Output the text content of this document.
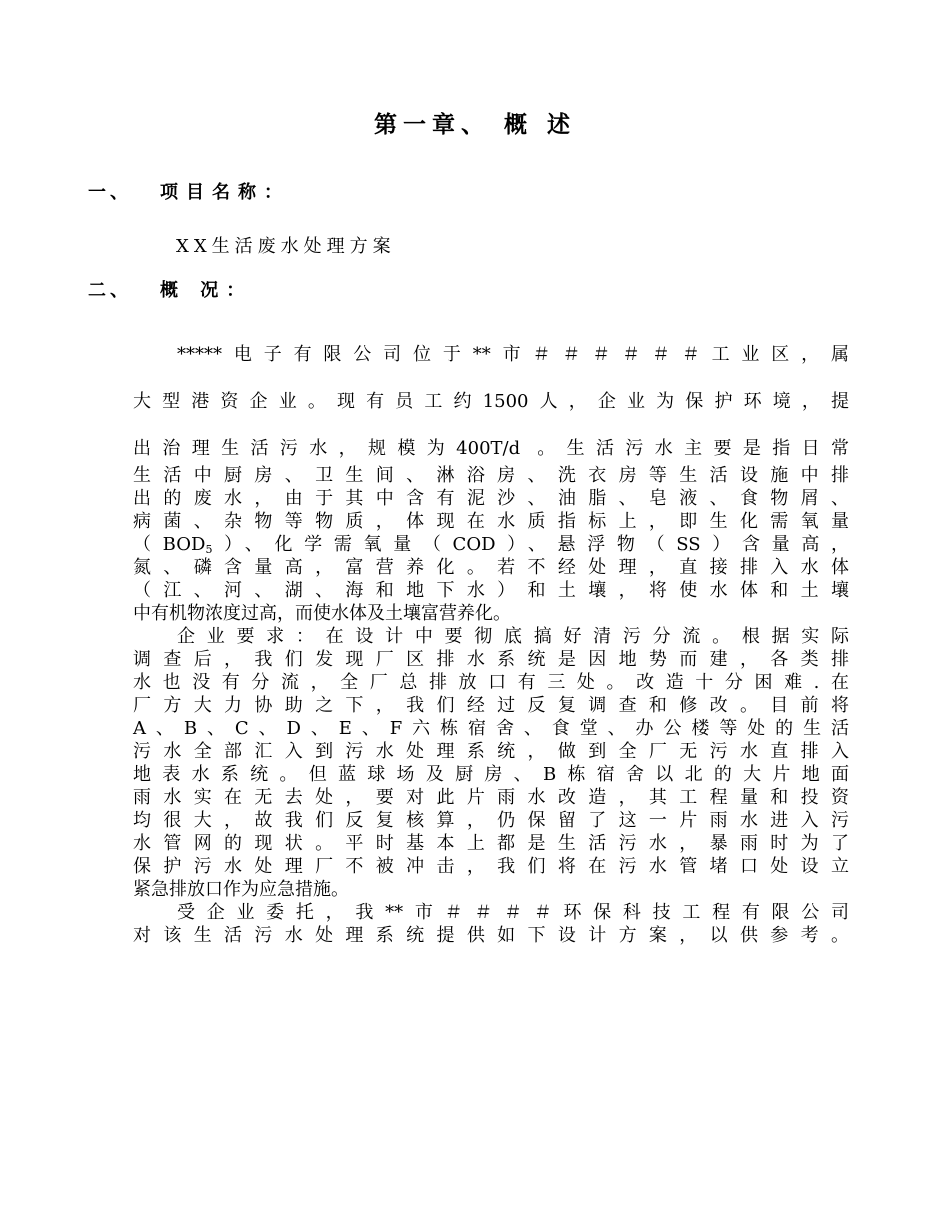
第一章、 概 述
一、 项目名称：
XX生活废水处理方案
二、 概 况：
*****电子有限公司位于**市＃＃＃＃＃＃工业区，属
大型港资企业。现有员工约1500人，企业为保护环境，提
出治理生活污水，规模为400T/d 。生活污水主要是指日常
生活中厨房、卫生间、淋浴房、洗衣房等生活设施中排
出的废水，由于其中含有泥沙、油脂、皂液、食物屑、
病菌、杂物等物质，体现在水质指标上，即生化需氧量
$(BOD_5)$、化学需氧量（COD）、悬浮物（SS）含量高，
氮、磷含量高，富营养化。若不经处理，直接排入水体
（江、河、湖、海和地下水）和土壤，将使水体和土壤
中有机物浓度过高，而使水体及土壤富营养化。
企业要求：在设计中要彻底搞好清污分流。根据实际
调查后，我们发现厂区排水系统是因地势而建，各类排
水也没有分流，全厂总排放口有三处。改造十分困难.在
厂方大力协助之下，我们经过反复调查和修改。目前将
A、B、C、D、E、F六栋宿舍、食堂、办公楼等处的生活
污水全部汇入到污水处理系统，做到全厂无污水直排入
地表水系统。但蓝球场及厨房、B栋宿舍以北的大片地面
雨水实在无去处，要对此片雨水改造，其工程量和投资
均很大，故我们反复核算，仍保留了这一片雨水进入污
水管网的现状。平时基本上都是生活污水，暴雨时为了
保护污水处理厂不被冲击，我们将在污水管堵口处设立
紧急排放口作为应急措施。
受企业委托，我**市＃＃＃＃环保科技工程有限公司
对该生活污水处理系统提供如下设计方案，以供参考。
